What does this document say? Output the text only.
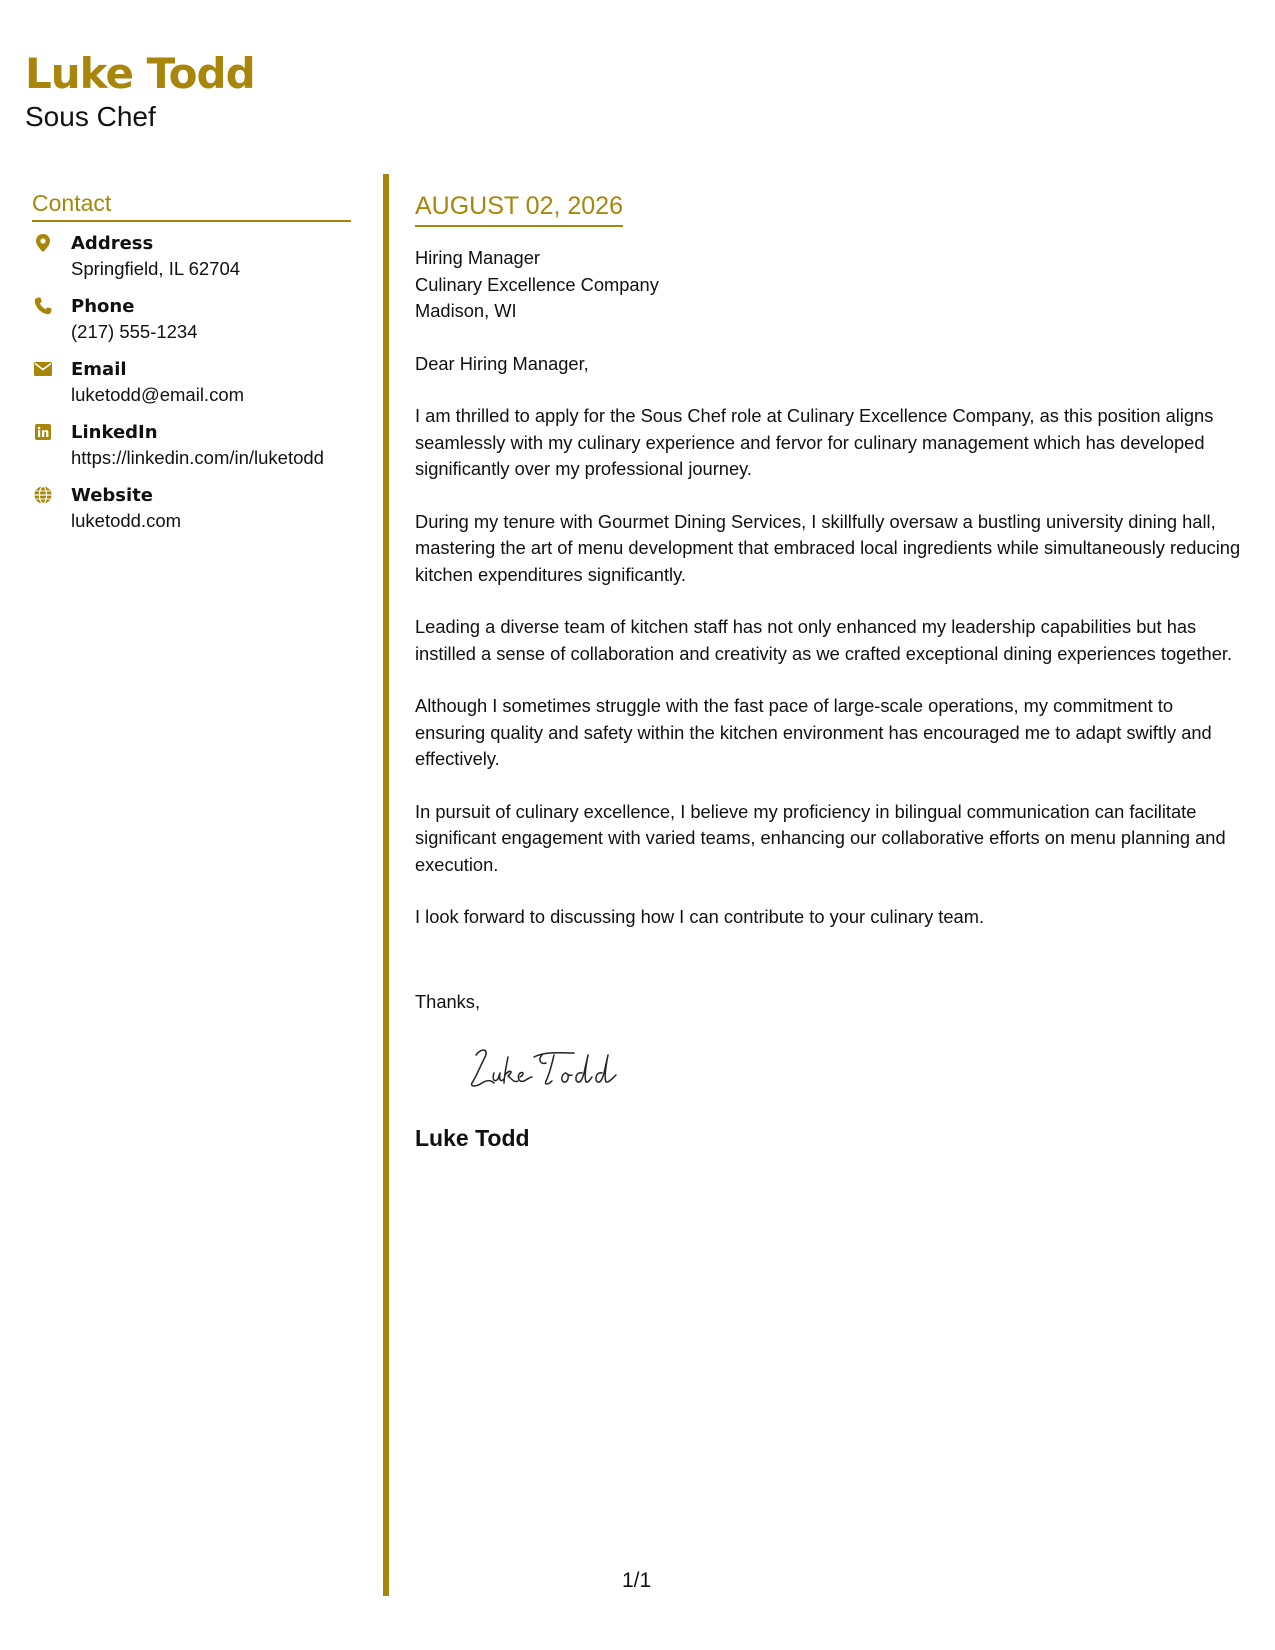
Luke Todd

Sous Chef

Contact
Address
Springfield, IL 62704
Phone
(217) 555-1234
Email
luketodd@email.com
LinkedIn
https://linkedin.com/in/luketodd
Website
luketodd.com
AUGUST 02, 2026

Hiring Manager

Culinary Excellence Company

Madison, WI

Dear Hiring Manager,

I am thrilled to apply for the Sous Chef role at Culinary Excellence Company, as this position aligns seamlessly with my culinary experience and fervor for culinary management which has developed significantly over my professional journey.

During my tenure with Gourmet Dining Services, I skillfully oversaw a bustling university dining hall, mastering the art of menu development that embraced local ingredients while simultaneously reducing kitchen expenditures significantly.

Leading a diverse team of kitchen staff has not only enhanced my leadership capabilities but has instilled a sense of collaboration and creativity as we crafted exceptional dining experiences together.

Although I sometimes struggle with the fast pace of large-scale operations, my commitment to ensuring quality and safety within the kitchen environment has encouraged me to adapt swiftly and effectively.

In pursuit of culinary excellence, I believe my proficiency in bilingual communication can facilitate significant engagement with varied teams, enhancing our collaborative efforts on menu planning and execution.

I look forward to discussing how I can contribute to your culinary team.

Thanks,

Luke Todd
1/1
